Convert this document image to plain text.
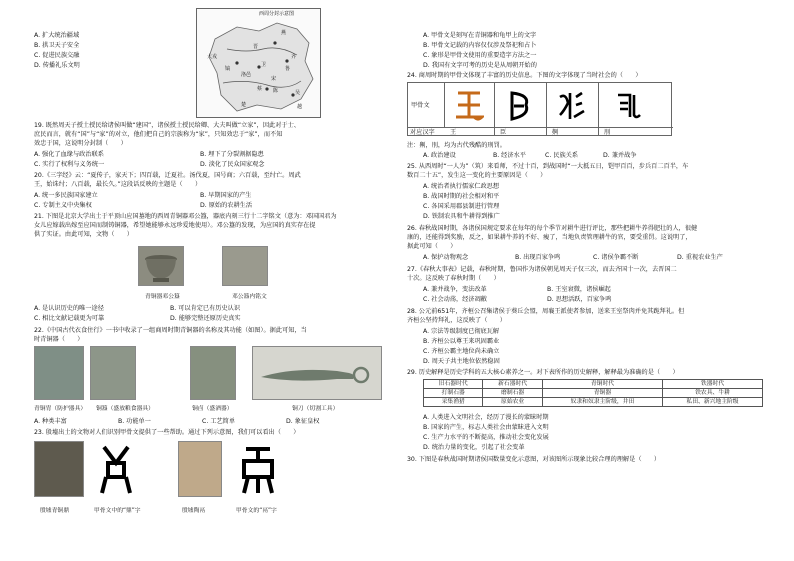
A. 扩大统治疆域
B. 拱卫天子安全
C. 促进民族交融
D. 传播礼乐文明
西周分封示意图
燕
晋
大戎	齐
鲁
宋
镐
卫
蔡 陈	吴
越
楚
洛邑
19. 既然周天子授土授民给诸侯叫做“建国”，诸侯授土授民给卿、大夫叫做“立家”，因此对于士、
庶民而言，就有“国”与“家”的对立，他们把自己的宗族称为“家”，只知效忠于“家”，而不知
效忠于国，这说明分封制（　　）
A. 强化了血缘与政治联系	B. 埋下了分裂割据隐患
C. 实行了权利与义务统一	D. 淡化了民众国家观念
20.《三字经》云：“夏传子，家天下；四百载，迁夏社。汤伐夏，国号商；六百载，至纣亡。周武
王，始诛纣；八百载，最长久。”这段话反映的主题是（　　）
A. 统一多民族国家建立	B. 早期国家的产生
C. 专制主义中央集权	D. 原始的农耕生活
21. 下图是北京大学出土于平顶山应国墓地的西周青铜器邓公簋，器底内刻三行十二字铭文（意为：邓国国君为
女儿应嫁载出嫁至应国而制铸铜器，希望她能够永远珍爱地使用）。邓公簋的发现，为应国的真实存在提
供了实证。由此可知，文物（　　）
青铜器邓公簋	邓公簋内铭文
A. 是认识历史的唯一途径	B. 可以肯定已有历史认识
C. 相比文献记载更为可靠	D. 能够完整还原历史真实
22.《中国古代衣食住行》一书中收录了一组商周时期青铜器的名称及其功能（如图）。据此可知，当
时青铜器（　　）
青铜胄（防护器具） 铜簋（盛放粮食器具）	铜卣（盛酒器）	铜刀（切割工具）
A. 种类丰富	B. 功能单一	C. 工艺简单	D. 象征皇权
23. 殷墟出土的文物对人们识别甲骨文提供了一些帮助。通过下列示意图，我们可以看出（　　）
殷墟青铜鼎	甲骨文中的“鼎”字	殷墟陶鬲	甲骨文的“鬲”字
A. 甲骨文是刻写在青铜器和龟甲上的文字
B. 甲骨文记载的内容仅仅涉及祭祀和占卜
C. 象形是甲骨文使用的重要造字方法之一
D. 我国有文字可考的历史是从周朝开始的
24. 商周时期的甲骨文体现了丰富的历史信息。下图的文字体现了当时社会的（　　）
甲骨文
对应汉字 王	臣	劓	刖
注：劓，刖，均为古代残酷的刑罚。
A. 政治建设	B. 经济水平	C. 民族关系	D. 兼并战争
25. 从西周时“一人为”（筑）来看师，不过十百，到战国时“一大抵五日，铠甲百百，步兵百二百半，车
数百二十五”，发生这一变化的主要原因是（　　）
A. 统治者执行儒家仁政思想
B. 战国时期的社会相对和平
C. 各国采用郡县制进行管理
D. 铁制农具和牛耕得到推广
26. 春秋战国时期，各诸侯国规定要求在每年的每个季节对耕牛进行评比，那些把耕牛养得肥壮的人，很健
康的，还能得到奖励，反之，如果耕牛养的不好、瘦了，当地负责管理耕牛的官，要受重罚。这说明了，
据此可知（　　）
A. 保护动物观念	B. 出现百家争鸣	C. 诸侯争霸不断	D. 重视农业生产
27.《春秋大事表》记载，春秋时期，鲁国作为诸侯朝见周天子仅三次，而去齐国十一次，去晋国二
十次。这反映了春秋时期（　　）
A. 兼并战争，变法改革	B. 王室衰微，诸侯崛起
C. 社会动荡，经济凋敝	D. 思想活跃，百家争鸣
28. 公元前651年，齐桓公召集诸侯于葵丘会盟，周襄王派使者参加，送来王室祭肉并免其跪拜礼。但
齐桓公坚持拜礼，这反映了（　　）
A. 宗法等级制度已彻底瓦解
B. 齐桓公以尊王来巩固霸业
C. 齐桓公霸主地位尚未确立
D. 周天子共主地位依然稳固
29. 历史解释是历史学科的五大核心素养之一。对下表所作的历史解释，解释最为准确的是（　　）
旧石器时代	新石器时代	青铜时代	铁器时代
打制石器	磨制石器	青铜器	铁农具、牛耕
采集渔猎	原始农业	奴隶和奴隶主阶级，井田	私田、新兴地主阶级
A. 人类进入文明社会，经历了漫长的蒙昧时期
B. 国家的产生，标志人类社会由蒙昧进入文明
C. 生产力水平的不断提高，推动社会变化发展
D. 统治力量的变化，引起了社会变革
30. 下图是春秋战国时期诸侯国数量变化示意图，对该图所示现象比较合理的理解是（　　）
